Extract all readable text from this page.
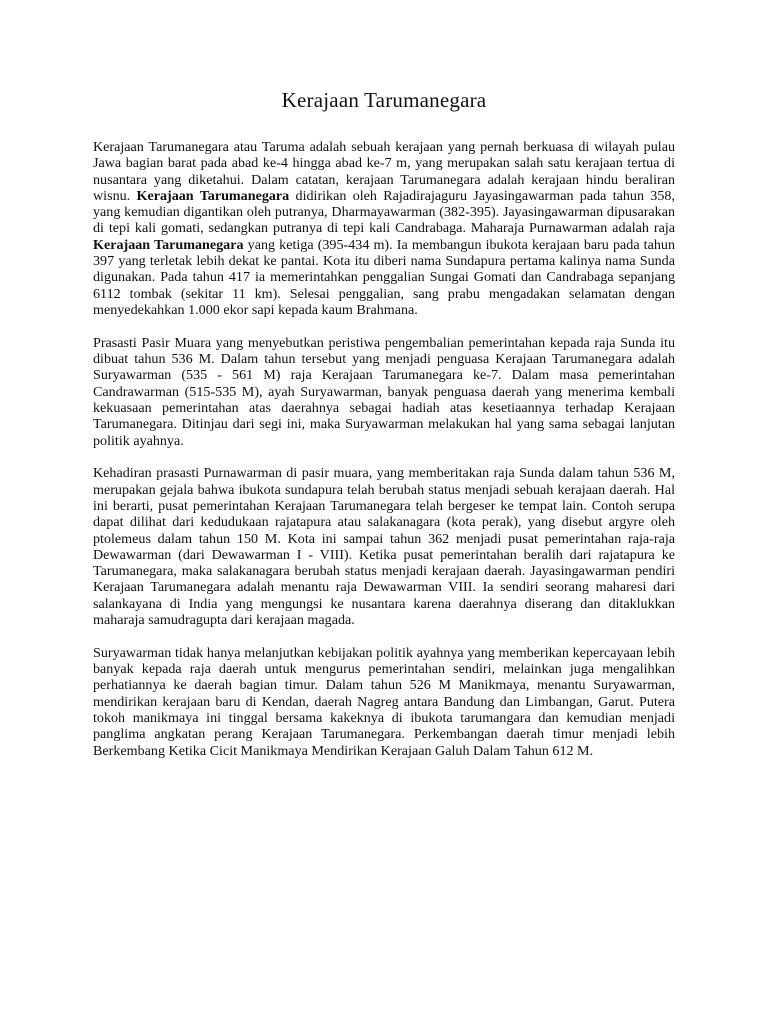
Kerajaan Tarumanegara

Kerajaan Tarumanegara atau Taruma adalah sebuah kerajaan yang pernah berkuasa di wilayah pulau Jawa bagian barat pada abad ke-4 hingga abad ke-7 m, yang merupakan salah satu kerajaan tertua di nusantara yang diketahui. Dalam catatan, kerajaan Tarumanegara adalah kerajaan hindu beraliran wisnu. Kerajaan Tarumanegara didirikan oleh Rajadirajaguru Jayasingawarman pada tahun 358, yang kemudian digantikan oleh putranya, Dharmayawarman (382-395). Jayasingawarman dipusarakan di tepi kali gomati, sedangkan putranya di tepi kali Candrabaga. Maharaja Purnawarman adalah raja Kerajaan Tarumanegara yang ketiga (395-434 m). Ia membangun ibukota kerajaan baru pada tahun 397 yang terletak lebih dekat ke pantai. Kota itu diberi nama Sundapura pertama kalinya nama Sunda digunakan. Pada tahun 417 ia memerintahkan penggalian Sungai Gomati dan Candrabaga sepanjang 6112 tombak (sekitar 11 km). Selesai penggalian, sang prabu mengadakan selamatan dengan menyedekahkan 1.000 ekor sapi kepada kaum Brahmana.

Prasasti Pasir Muara yang menyebutkan peristiwa pengembalian pemerintahan kepada raja Sunda itu dibuat tahun 536 M. Dalam tahun tersebut yang menjadi penguasa Kerajaan Tarumanegara adalah Suryawarman (535 - 561 M) raja Kerajaan Tarumanegara ke-7. Dalam masa pemerintahan Candrawarman (515-535 M), ayah Suryawarman, banyak penguasa daerah yang menerima kembali kekuasaan pemerintahan atas daerahnya sebagai hadiah atas kesetiaannya terhadap Kerajaan Tarumanegara. Ditinjau dari segi ini, maka Suryawarman melakukan hal yang sama sebagai lanjutan politik ayahnya.

Kehadiran prasasti Purnawarman di pasir muara, yang memberitakan raja Sunda dalam tahun 536 M, merupakan gejala bahwa ibukota sundapura telah berubah status menjadi sebuah kerajaan daerah. Hal ini berarti, pusat pemerintahan Kerajaan Tarumanegara telah bergeser ke tempat lain. Contoh serupa dapat dilihat dari kedudukaan rajatapura atau salakanagara (kota perak), yang disebut argyre oleh ptolemeus dalam tahun 150 M. Kota ini sampai tahun 362 menjadi pusat pemerintahan raja-raja Dewawarman (dari Dewawarman I - VIII). Ketika pusat pemerintahan beralih dari rajatapura ke Tarumanegara, maka salakanagara berubah status menjadi kerajaan daerah. Jayasingawarman pendiri Kerajaan Tarumanegara adalah menantu raja Dewawarman VIII. Ia sendiri seorang maharesi dari salankayana di India yang mengungsi ke nusantara karena daerahnya diserang dan ditaklukkan maharaja samudragupta dari kerajaan magada.

Suryawarman tidak hanya melanjutkan kebijakan politik ayahnya yang memberikan kepercayaan lebih banyak kepada raja daerah untuk mengurus pemerintahan sendiri, melainkan juga mengalihkan perhatiannya ke daerah bagian timur. Dalam tahun 526 M Manikmaya, menantu Suryawarman, mendirikan kerajaan baru di Kendan, daerah Nagreg antara Bandung dan Limbangan, Garut. Putera tokoh manikmaya ini tinggal bersama kakeknya di ibukota tarumangara dan kemudian menjadi panglima angkatan perang Kerajaan Tarumanegara. Perkembangan daerah timur menjadi lebih Berkembang Ketika Cicit Manikmaya Mendirikan Kerajaan Galuh Dalam Tahun 612 M.
